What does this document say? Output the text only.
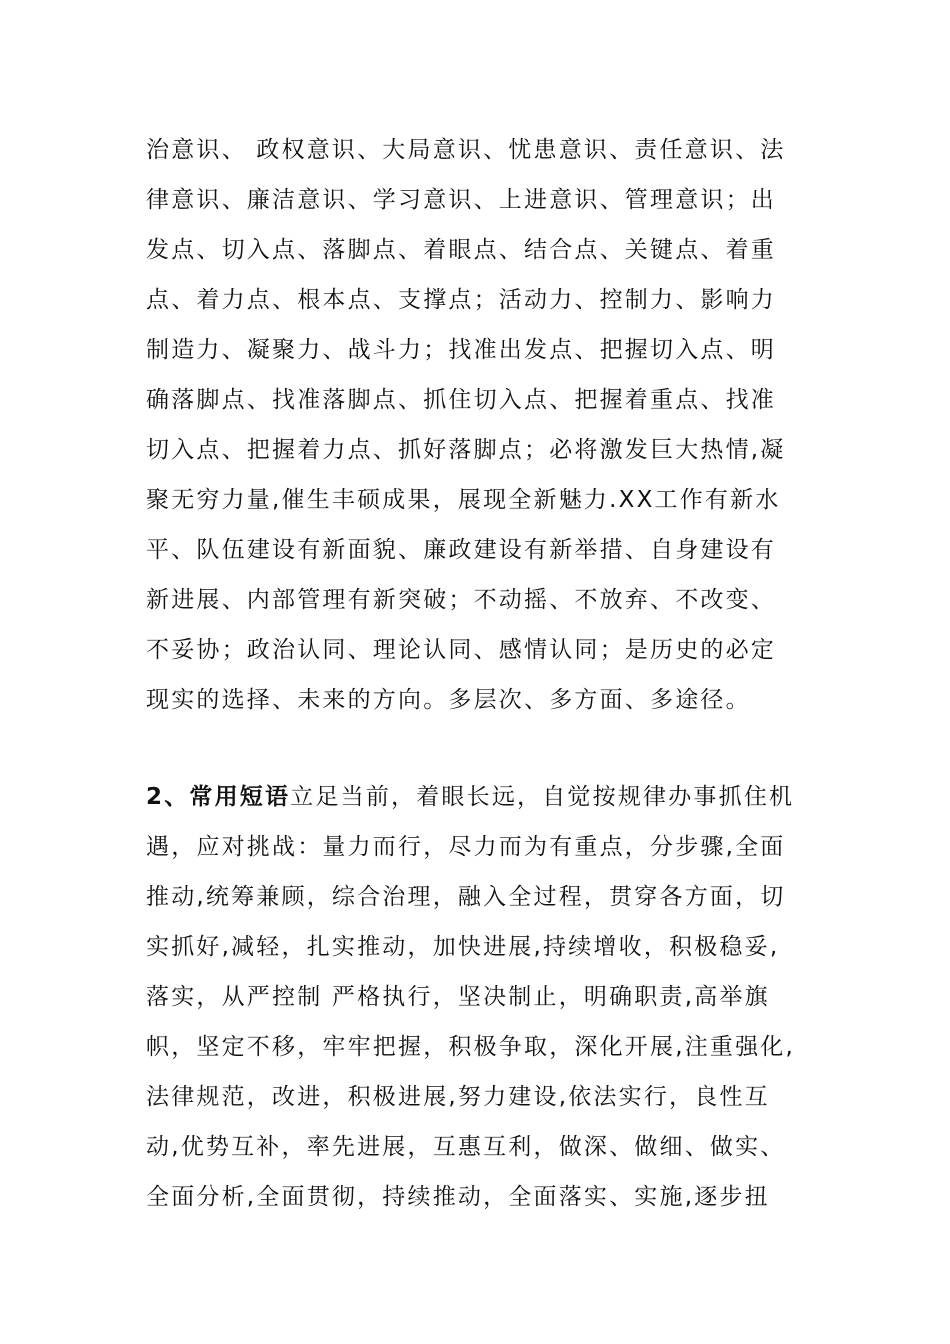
治意识、 政权意识、大局意识、忧患意识、责任意识、法
律意识、廉洁意识、学习意识、上进意识、管理意识；出
发点、切入点、落脚点、着眼点、结合点、关键点、着重
点、着力点、根本点、支撑点；活动力、控制力、影响力
制造力、凝聚力、战斗力；找准出发点、把握切入点、明
确落脚点、找准落脚点、抓住切入点、把握着重点、找准
切入点、把握着力点、抓好落脚点；必将激发巨大热情,凝
聚无穷力量,催生丰硕成果，展现全新魅力.XX工作有新水
平、队伍建设有新面貌、廉政建设有新举措、自身建设有
新进展、内部管理有新突破；不动摇、不放弃、不改变、
不妥协；政治认同、理论认同、感情认同；是历史的必定
现实的选择、未来的方向。多层次、多方面、多途径。
2、常用短语立足当前，着眼长远，自觉按规律办事抓住机
遇，应对挑战：量力而行，尽力而为有重点，分步骤,全面
推动,统筹兼顾，综合治理，融入全过程，贯穿各方面，切
实抓好,减轻，扎实推动，加快进展,持续增收，积极稳妥,
落实，从严控制 严格执行，坚决制止，明确职责,高举旗
帜，坚定不移，牢牢把握，积极争取，深化开展,注重强化,
法律规范，改进，积极进展,努力建设,依法实行，良性互
动,优势互补，率先进展，互惠互利，做深、做细、做实、
全面分析,全面贯彻，持续推动，全面落实、实施,逐步扭
